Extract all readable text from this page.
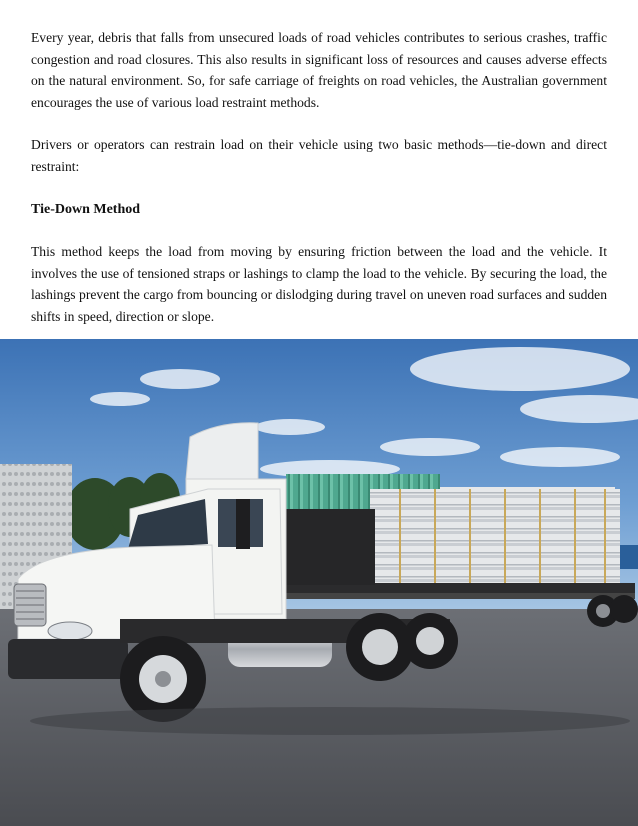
Every year, debris that falls from unsecured loads of road vehicles contributes to serious crashes, traffic congestion and road closures. This also results in significant loss of resources and causes adverse effects on the natural environment. So, for safe carriage of freights on road vehicles, the Australian government encourages the use of various load restraint methods.

Drivers or operators can restrain load on their vehicle using two basic methods—tie-down and direct restraint:

Tie-Down Method

This method keeps the load from moving by ensuring friction between the load and the vehicle. It involves the use of tensioned straps or lashings to clamp the load to the vehicle. By securing the load, the lashings prevent the cargo from bouncing or dislodging during travel on uneven road surfaces and sudden shifts in speed, direction or slope.
